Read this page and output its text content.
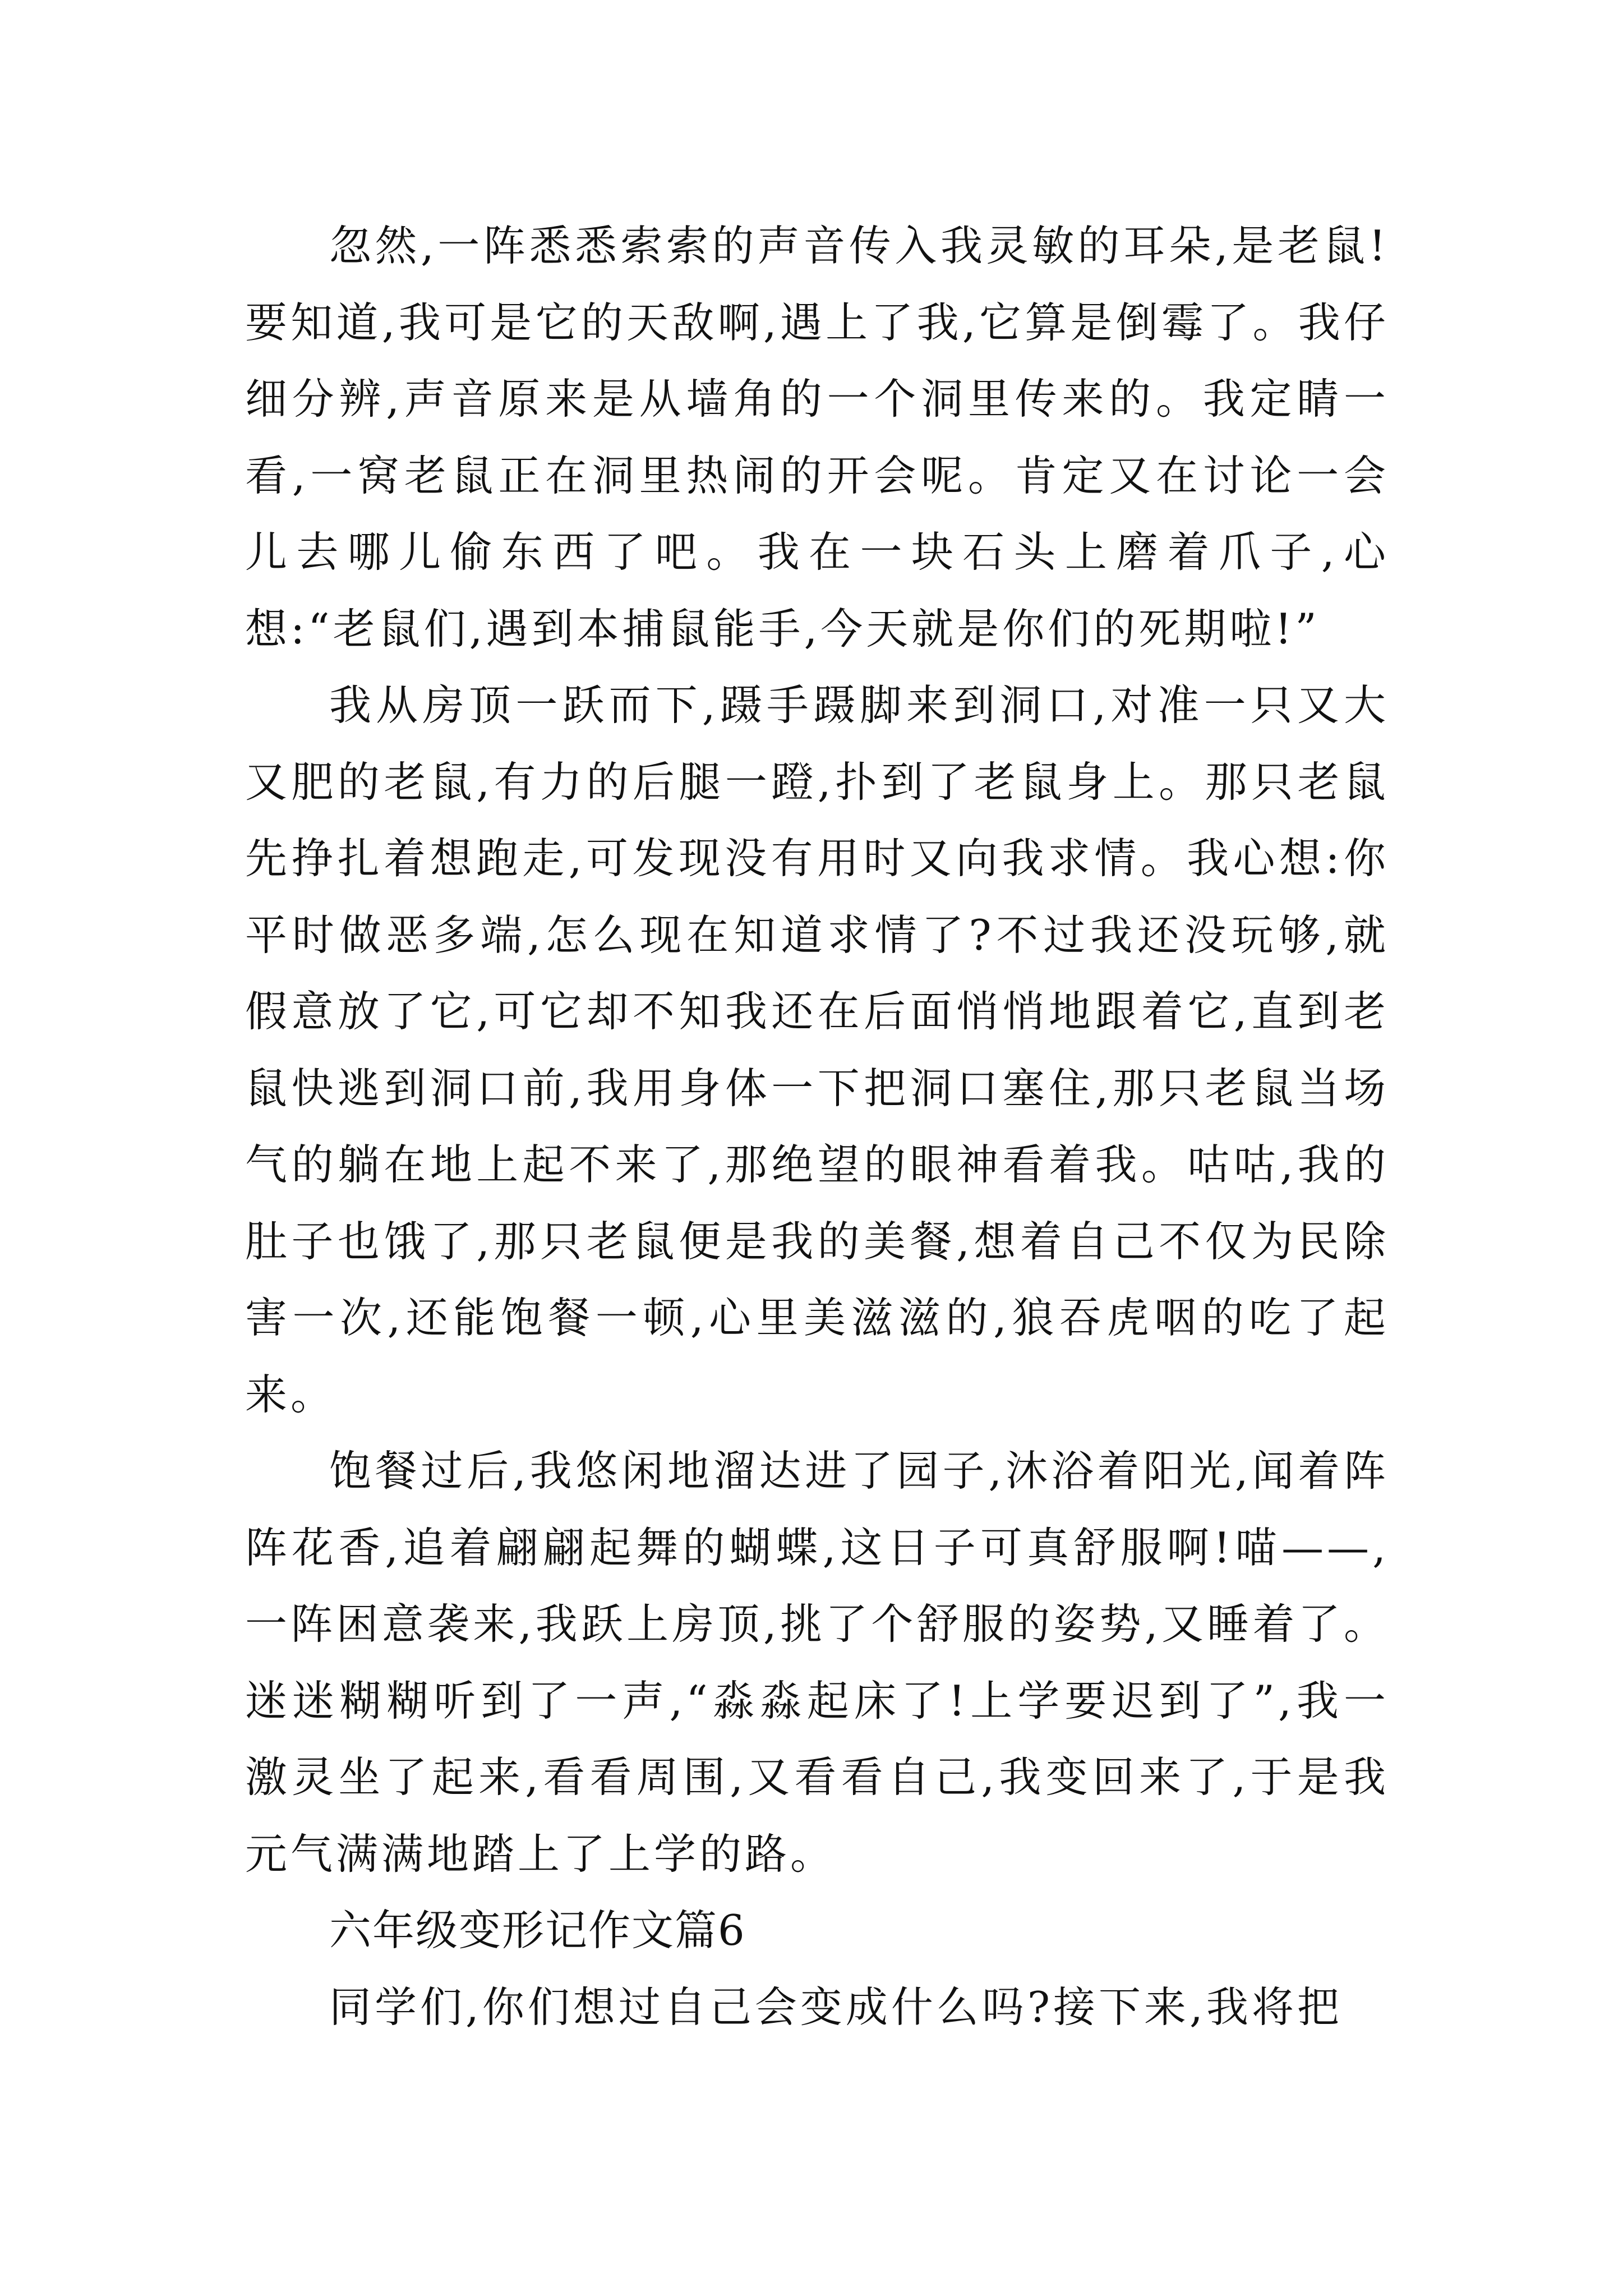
忽然,一阵悉悉索索的声音传入我灵敏的耳朵,是老鼠!要知道,我可是它的天敌啊,遇上了我,它算是倒霉了。我仔细分辨,声音原来是从墙角的一个洞里传来的。我定睛一看,一窝老鼠正在洞里热闹的开会呢。肯定又在讨论一会儿去哪儿偷东西了吧。我在一块石头上磨着爪子,心想:“老鼠们,遇到本捕鼠能手,今天就是你们的死期啦!”

我从房顶一跃而下,蹑手蹑脚来到洞口,对准一只又大又肥的老鼠,有力的后腿一蹬,扑到了老鼠身上。那只老鼠先挣扎着想跑走,可发现没有用时又向我求情。我心想:你平时做恶多端,怎么现在知道求情了?不过我还没玩够,就假意放了它,可它却不知我还在后面悄悄地跟着它,直到老鼠快逃到洞口前,我用身体一下把洞口塞住,那只老鼠当场气的躺在地上起不来了,那绝望的眼神看着我。咕咕,我的肚子也饿了,那只老鼠便是我的美餐,想着自己不仅为民除害一次,还能饱餐一顿,心里美滋滋的,狼吞虎咽的吃了起来。

饱餐过后,我悠闲地溜达进了园子,沐浴着阳光,闻着阵阵花香,追着翩翩起舞的蝴蝶,这日子可真舒服啊!喵——,一阵困意袭来,我跃上房顶,挑了个舒服的姿势,又睡着了。迷迷糊糊听到了一声,“淼淼起床了!上学要迟到了”,我一激灵坐了起来,看看周围,又看看自己,我变回来了,于是我元气满满地踏上了上学的路。

六年级变形记作文篇6

同学们,你们想过自己会变成什么吗?接下来,我将把
